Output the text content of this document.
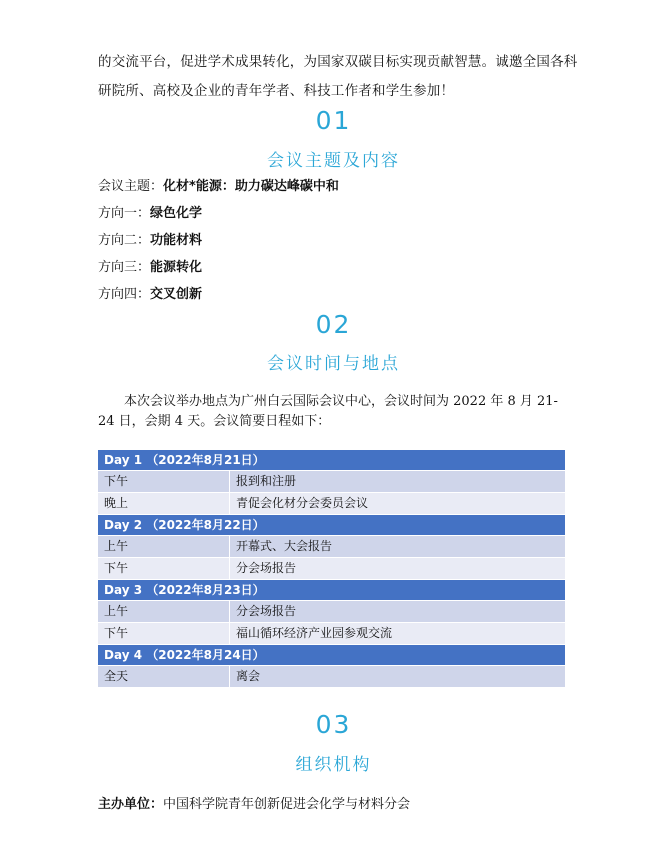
的交流平台，促进学术成果转化，为国家双碳目标实现贡献智慧。诚邀全国各科
研院所、高校及企业的青年学者、科技工作者和学生参加！
01
会议主题及内容
会议主题：化材*能源：助力碳达峰碳中和
方向一：绿色化学
方向二：功能材料
方向三：能源转化
方向四：交叉创新
02
会议时间与地点
本次会议举办地点为广州白云国际会议中心，会议时间为 2022 年 8 月 21-24 日，会期 4 天。会议简要日程如下：
Day 1 （2022年8月21日）
下午	报到和注册
晚上	青促会化材分会委员会议
Day 2 （2022年8月22日）
上午	开幕式、大会报告
下午	分会场报告
Day 3 （2022年8月23日）
上午	分会场报告
下午	福山循环经济产业园参观交流
Day 4 （2022年8月24日）
全天	离会
03
组织机构
主办单位：中国科学院青年创新促进会化学与材料分会
